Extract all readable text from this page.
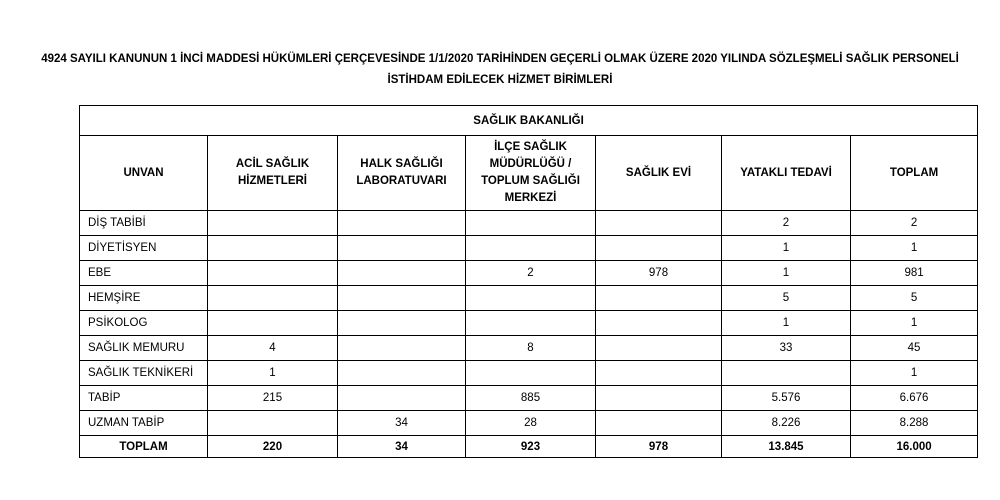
4924 SAYILI KANUNUN 1 İNCİ MADDESİ HÜKÜMLERİ ÇERÇEVESİNDE 1/1/2020 TARİHİNDEN GEÇERLİ OLMAK ÜZERE 2020 YILINDA SÖZLEŞMELİ SAĞLIK PERSONELİ
İSTİHDAM EDİLECEK HİZMET BİRİMLERİ
SAĞLIK BAKANLIĞI						
UNVAN	ACİL SAĞLIK HİZMETLERİ	HALK SAĞLIĞI LABORATUVARI	İLÇE SAĞLIK MÜDÜRLÜĞÜ / TOPLUM SAĞLIĞI MERKEZİ	SAĞLIK EVİ	YATAKLI TEDAVİ	TOPLAM
DİŞ TABİBİ					2	2
DİYETİSYEN					1	1
EBE			2	978	1	981
HEMŞİRE					5	5
PSİKOLOG					1	1
SAĞLIK MEMURU	4		8		33	45
SAĞLIK TEKNİKERİ	1					1
TABİP	215		885		5.576	6.676
UZMAN TABİP		34	28		8.226	8.288
TOPLAM	220	34	923	978	13.845	16.000
